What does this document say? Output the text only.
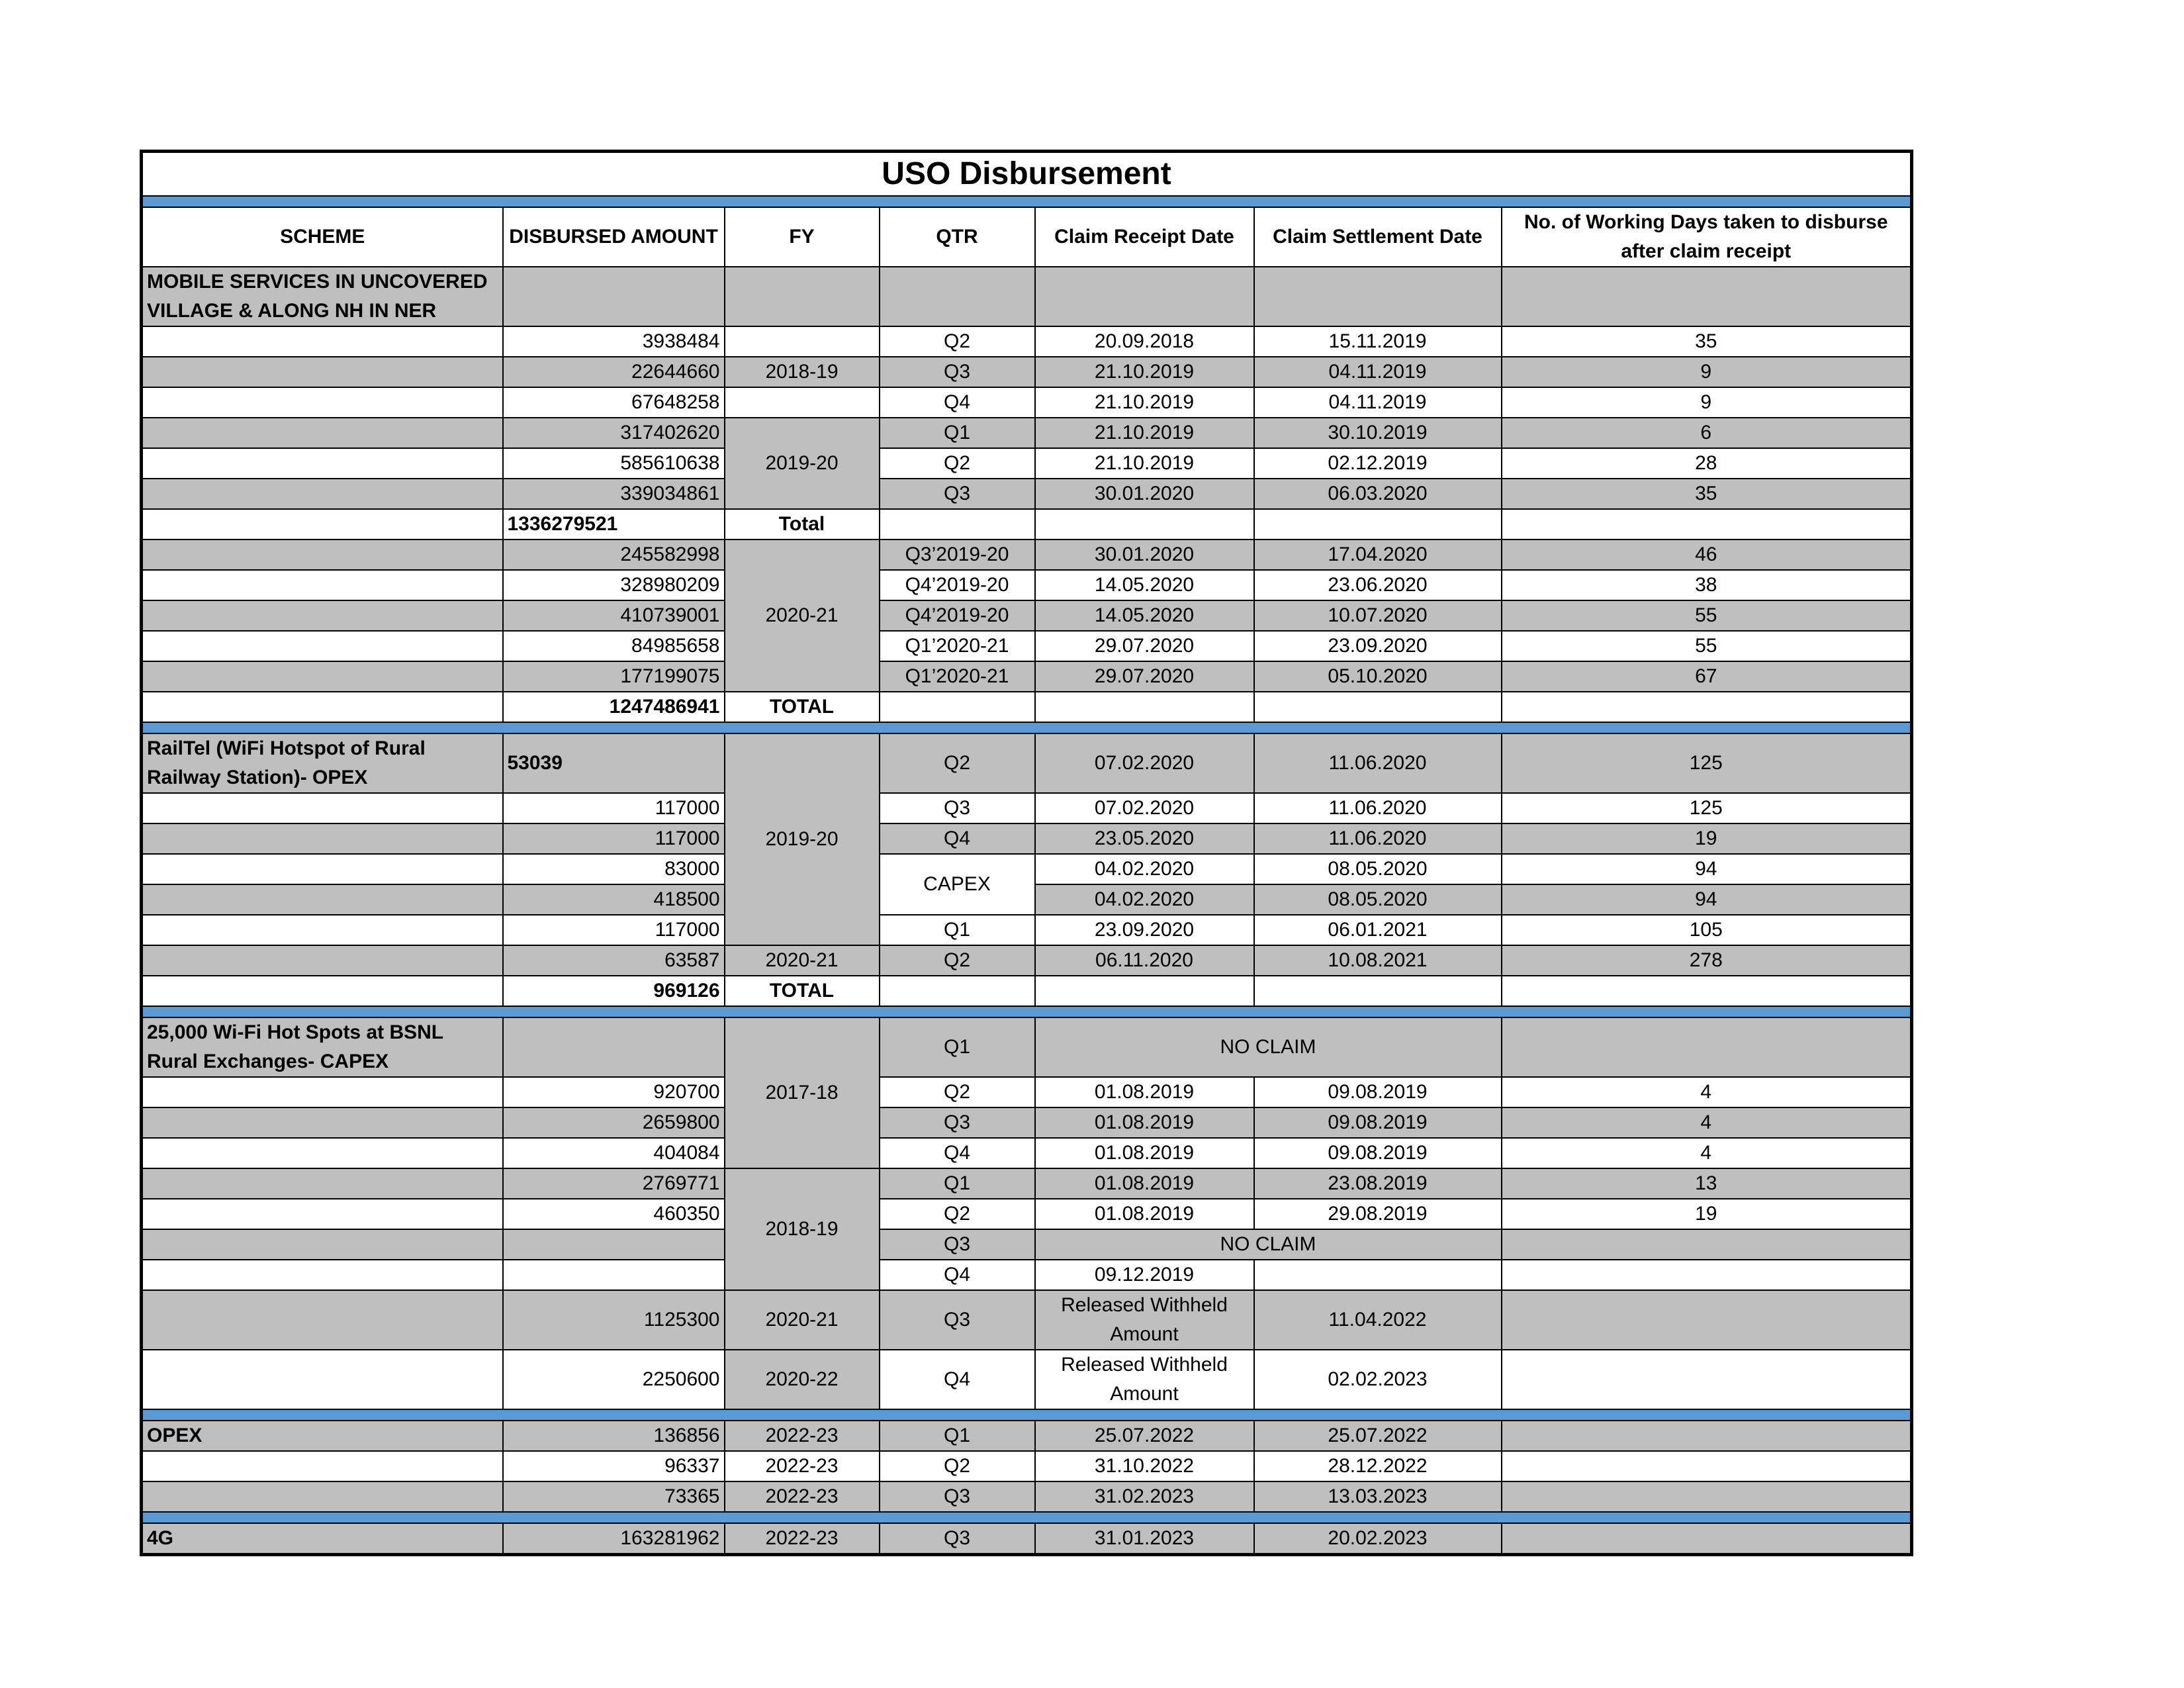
USO Disbursement						

SCHEME	DISBURSED AMOUNT	FY	QTR	Claim Receipt Date	Claim Settlement Date	No. of Working Days taken to disburse after claim receipt
MOBILE SERVICES IN UNCOVERED VILLAGE & ALONG NH IN NER						
	3938484		Q2	20.09.2018	15.11.2019	35
	22644660	2018-19	Q3	21.10.2019	04.11.2019	9
	67648258		Q4	21.10.2019	04.11.2019	9
	317402620	2019-20	Q1	21.10.2019	30.10.2019	6
	585610638		Q2	21.10.2019	02.12.2019	28
	339034861		Q3	30.01.2020	06.03.2020	35
	1336279521	Total				
	245582998	2020-21	Q3’2019-20	30.01.2020	17.04.2020	46
	328980209		Q4’2019-20	14.05.2020	23.06.2020	38
	410739001		Q4’2019-20	14.05.2020	10.07.2020	55
	84985658		Q1’2020-21	29.07.2020	23.09.2020	55
	177199075		Q1’2020-21	29.07.2020	05.10.2020	67
	1247486941	TOTAL				

RailTel (WiFi Hotspot of Rural Railway Station)- OPEX	53039	2019-20	Q2	07.02.2020	11.06.2020	125
	117000		Q3	07.02.2020	11.06.2020	125
	117000		Q4	23.05.2020	11.06.2020	19
	83000		CAPEX	04.02.2020	08.05.2020	94
	418500			04.02.2020	08.05.2020	94
	117000		Q1	23.09.2020	06.01.2021	105
	63587	2020-21	Q2	06.11.2020	10.08.2021	278
	969126	TOTAL				

25,000 Wi-Fi Hot Spots at BSNL Rural Exchanges- CAPEX		2017-18	Q1	NO CLAIM		
	920700		Q2	01.08.2019	09.08.2019	4
	2659800		Q3	01.08.2019	09.08.2019	4
	404084		Q4	01.08.2019	09.08.2019	4
	2769771	2018-19	Q1	01.08.2019	23.08.2019	13
	460350		Q2	01.08.2019	29.08.2019	19
			Q3	NO CLAIM		
			Q4	09.12.2019		
	1125300	2020-21	Q3	Released Withheld Amount	11.04.2022	
	2250600	2020-22	Q4	Released Withheld Amount	02.02.2023	

OPEX	136856	2022-23	Q1	25.07.2022	25.07.2022	
	96337	2022-23	Q2	31.10.2022	28.12.2022	
	73365	2022-23	Q3	31.02.2023	13.03.2023	

4G	163281962	2022-23	Q3	31.01.2023	20.02.2023	
